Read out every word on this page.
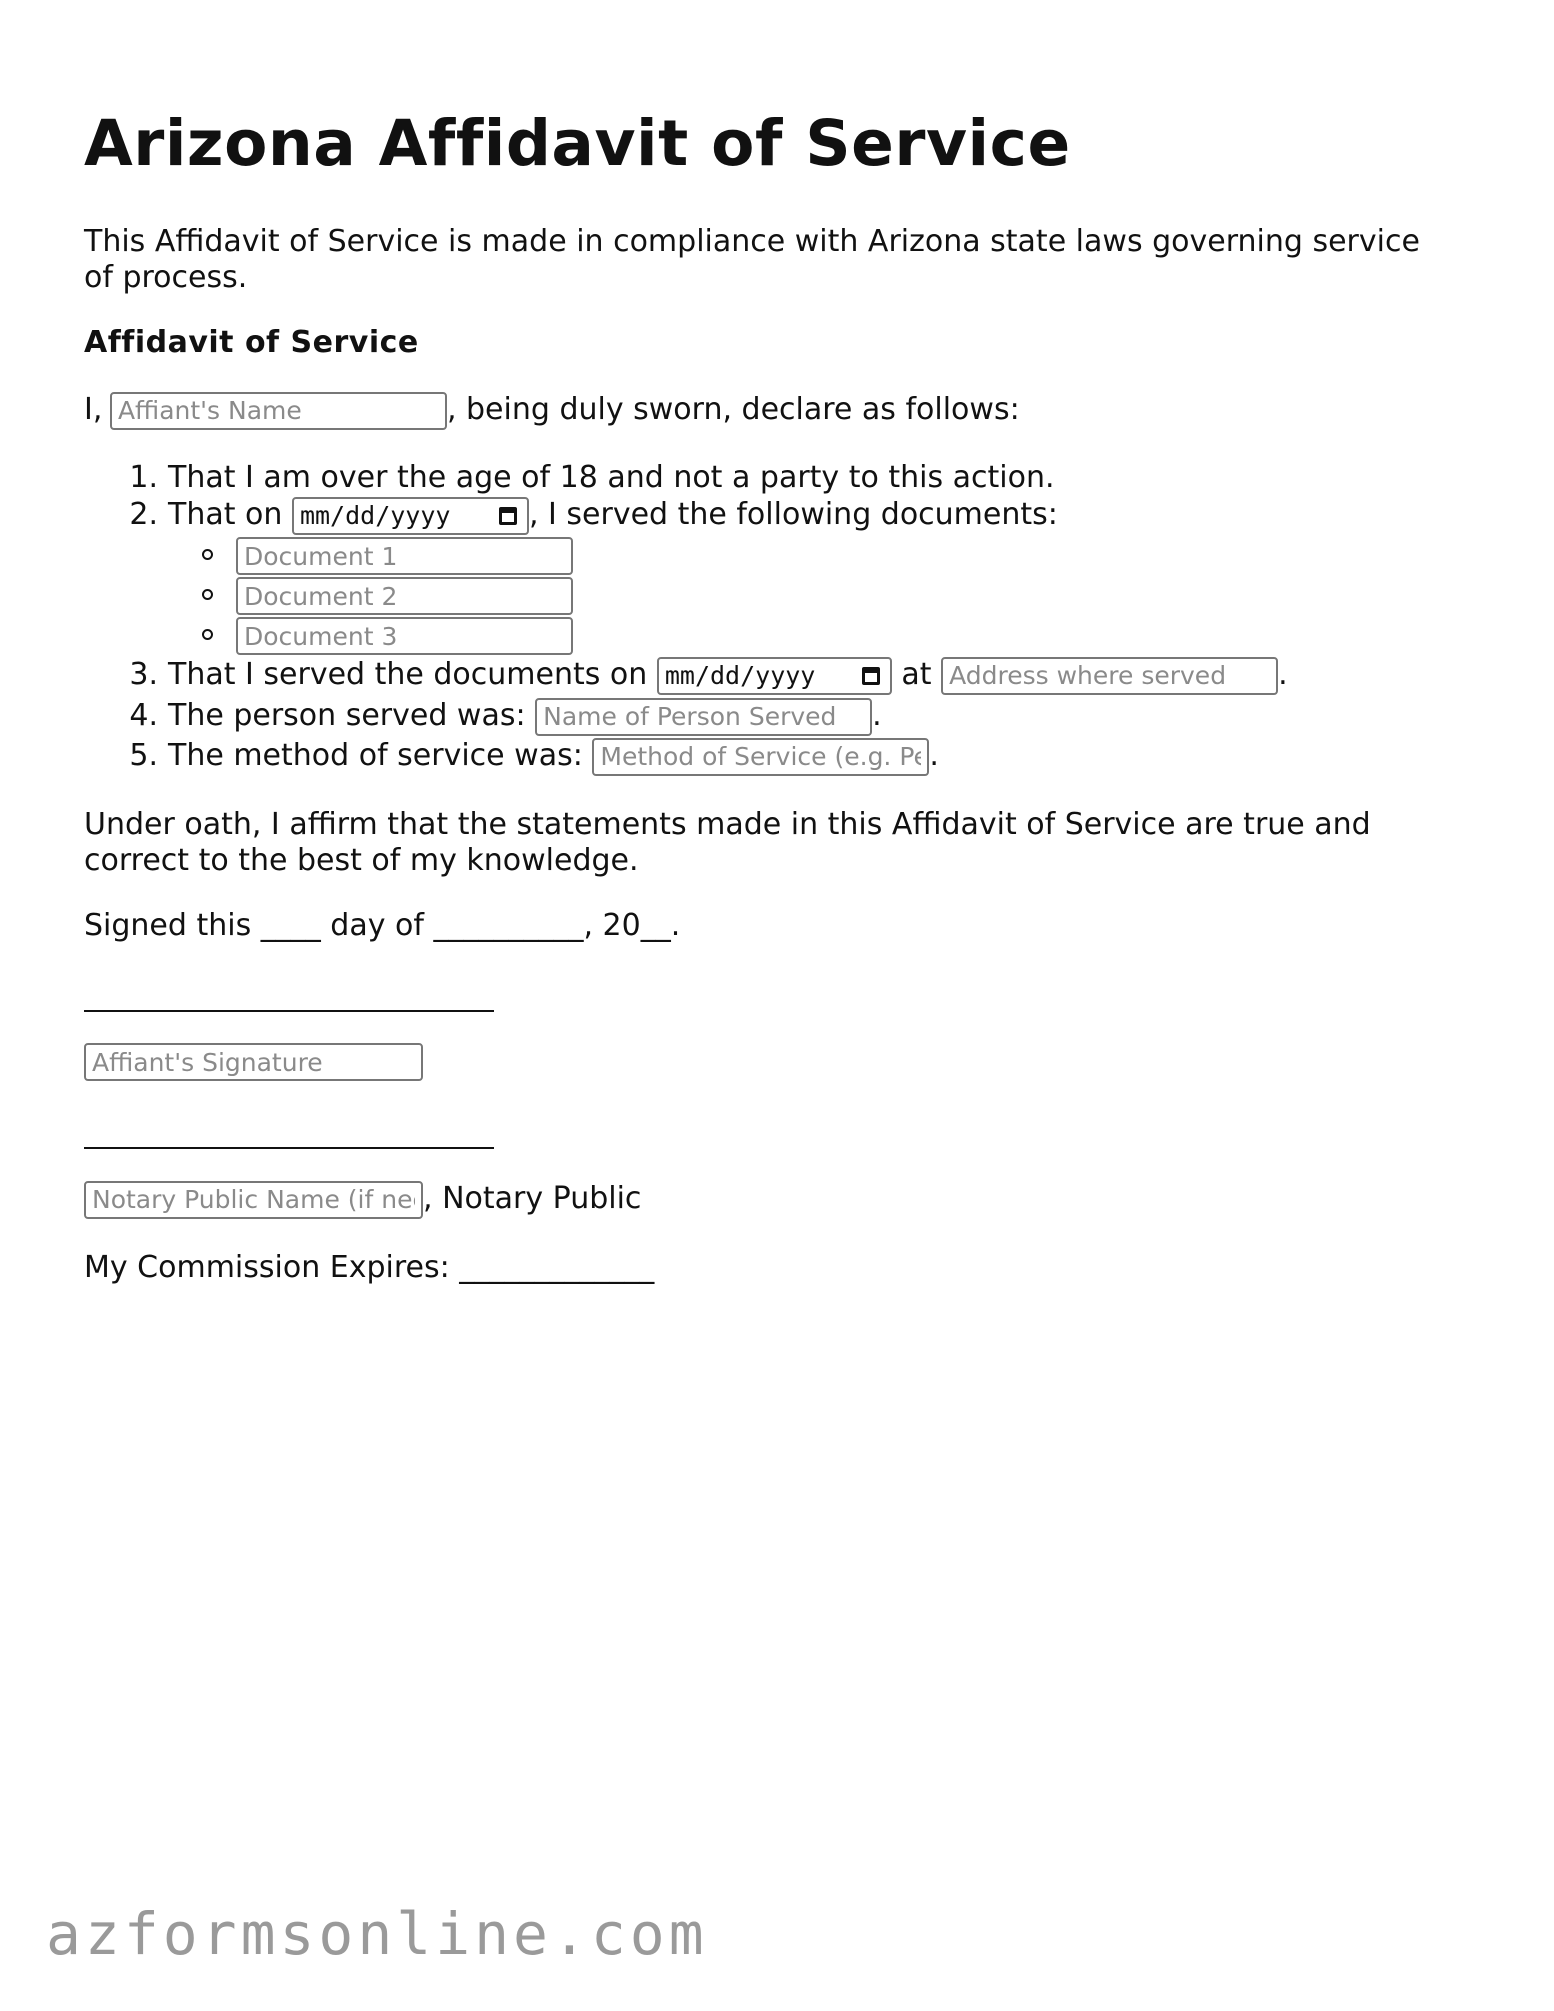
Arizona Affidavit of Service

This Affidavit of Service is made in compliance with Arizona state laws governing service of process.

Affidavit of Service
I, Affiant's Name	, being duly sworn, declare as follows:
1. That I am over the age of 18 and not a party to this action.
2. That on mm/dd/yyyy	, I served the following documents:
Document 1
Document 2
Document 3
3. That I served the documents on mm/dd/yyyy	at Address where served	.
4. The person served was: Name of Person Served	.
5. The method of service was: Method of Service (e.g. Personal, Substitute)	.

Under oath, I affirm that the statements made in this Affidavit of Service are true and correct to the best of my knowledge.

Signed this ____ day of __________, 20__.

Affiant's Signature
Notary Public Name (if needed), Notary Public

My Commission Expires: _____________

azformsonline.com
